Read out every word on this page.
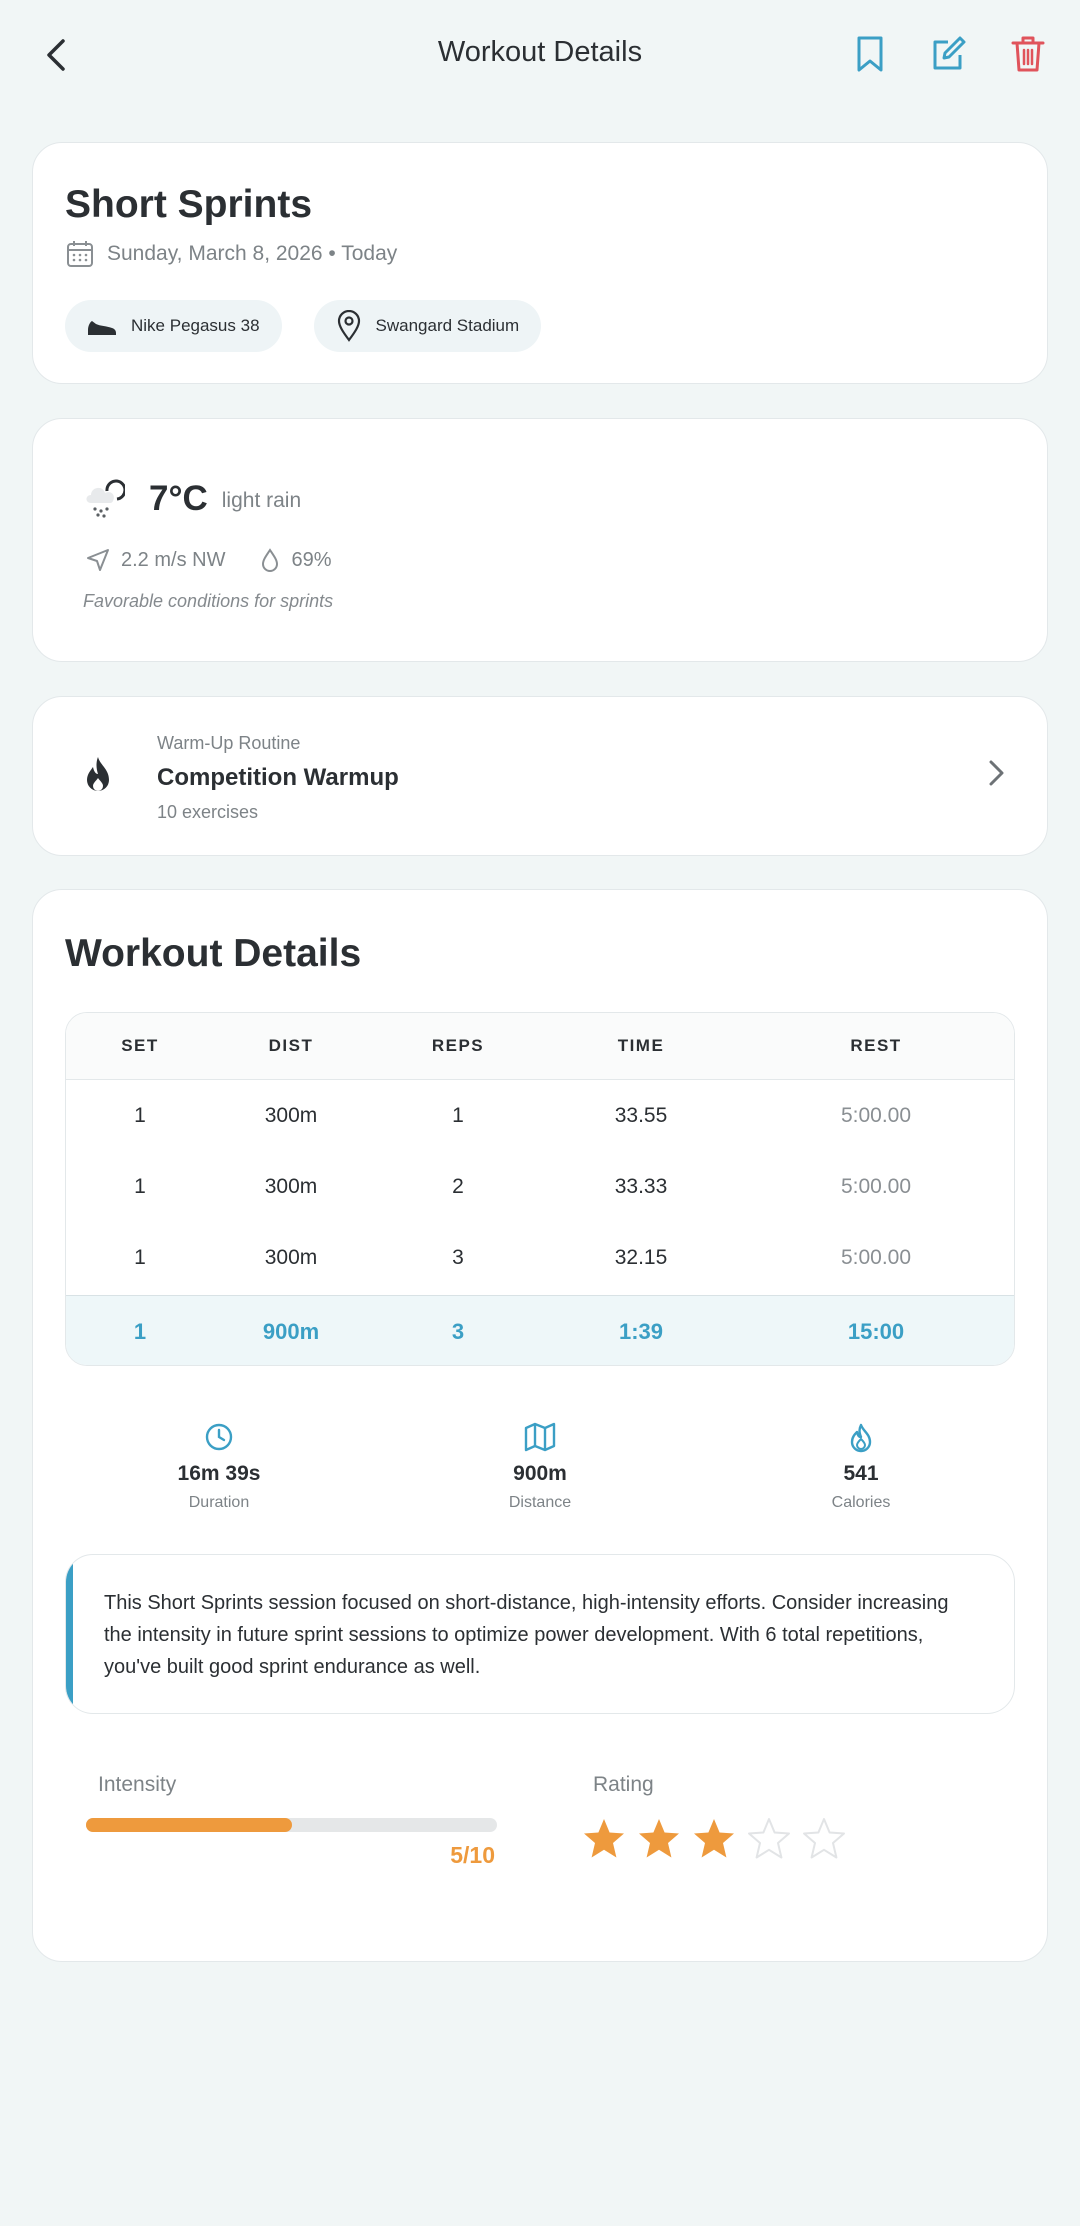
Workout Details
Short Sprints
Sunday, March 8, 2026 • Today
Nike Pegasus 38	Swangard Stadium
7°C light rain
2.2 m/s NW	69%
Favorable conditions for sprints
Warm-Up Routine
Competition Warmup
10 exercises
Workout Details
SET	DIST	REPS	TIME	REST
1	300m	1	33.55	5:00.00
1	300m	2	33.33	5:00.00
1	300m	3	32.15	5:00.00
1	900m	3	1:39	15:00
16m 39s
Duration
900m
Distance
541
Calories
This Short Sprints session focused on short-distance, high-intensity efforts. Consider increasing the intensity in future sprint sessions to optimize power development. With 6 total repetitions, you've built good sprint endurance as well.
Intensity
5/10
Rating
